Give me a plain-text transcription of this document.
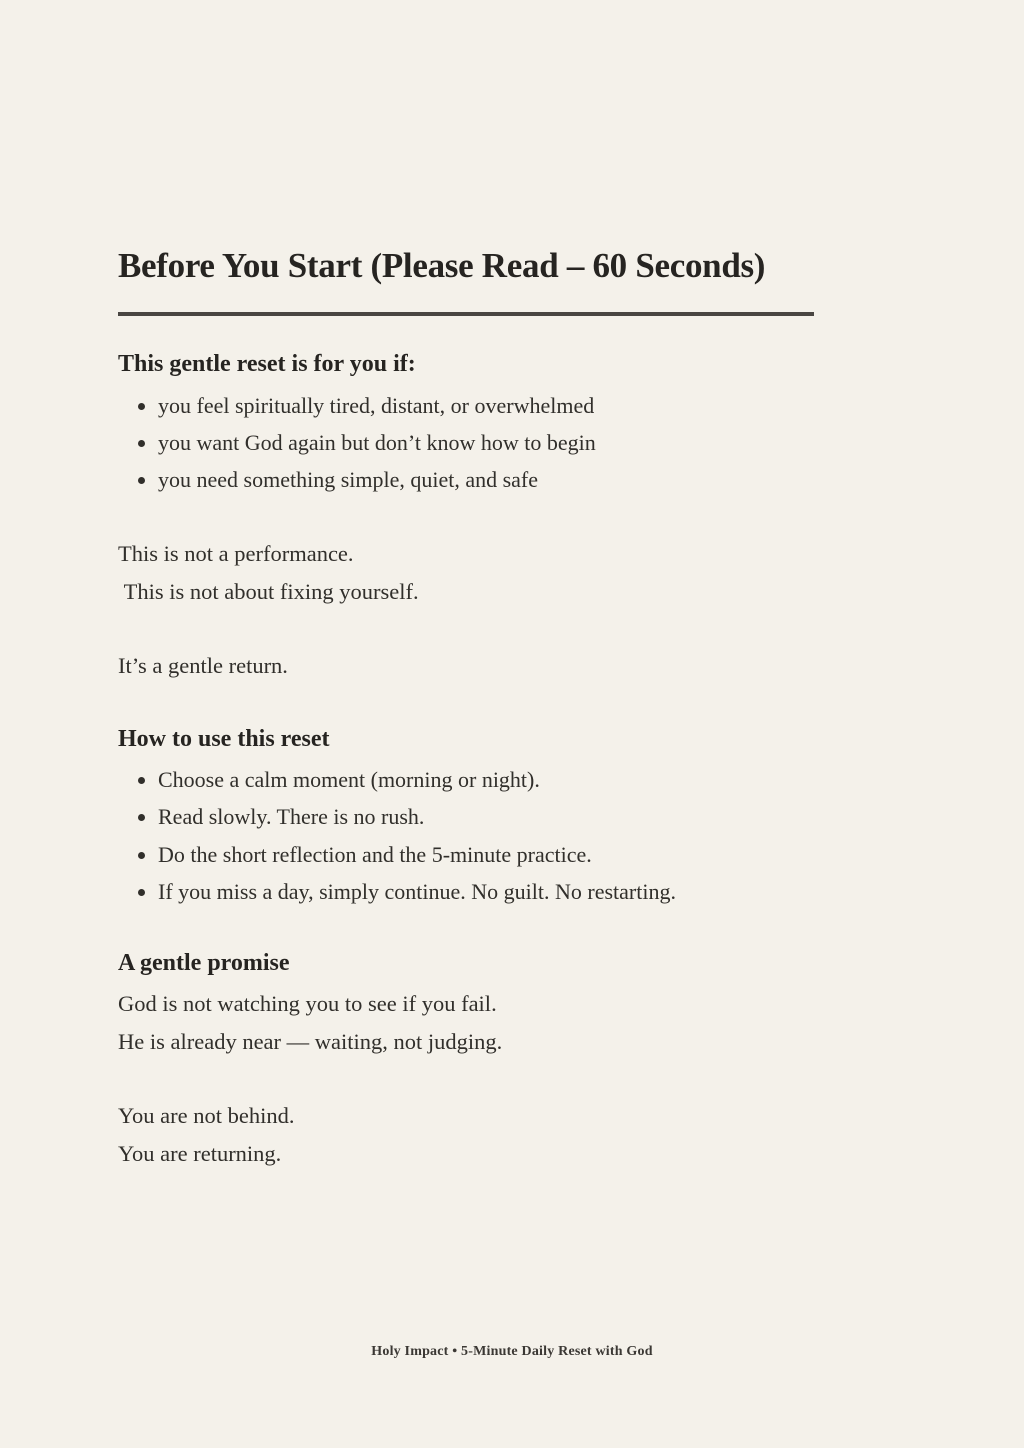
Before You Start (Please Read – 60 Seconds)
This gentle reset is for you if:
• you feel spiritually tired, distant, or overwhelmed
• you want God again but don’t know how to begin
• you need something simple, quiet, and safe

This is not a performance.
This is not about fixing yourself.

It’s a gentle return.

How to use this reset
• Choose a calm moment (morning or night).
• Read slowly. There is no rush.
• Do the short reflection and the 5-minute practice.
• If you miss a day, simply continue. No guilt. No restarting.
A gentle promise

God is not watching you to see if you fail.
He is already near — waiting, not judging.

You are not behind.
You are returning.

Holy Impact • 5-Minute Daily Reset with God
